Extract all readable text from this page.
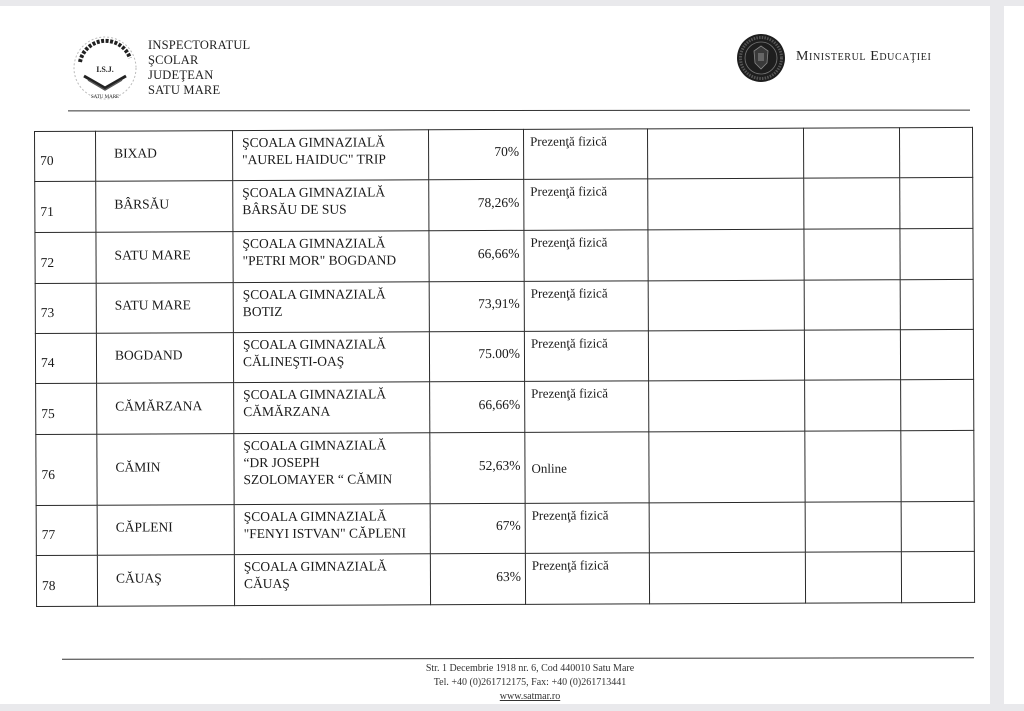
I.S.J.
SATU MARE
INSPECTORATUL
ŞCOLAR
JUDEŢEAN
SATU MARE
Ministerul Educaţiei
70	BIXAD	ŞCOALA GIMNAZIALĂ
"AUREL HAIDUC" TRIP	70%	Prezenţă fizică			

71	BÂRSĂU	ŞCOALA GIMNAZIALĂ
BÂRSĂU DE SUS	78,26%	Prezenţă fizică			

72	SATU MARE	ŞCOALA GIMNAZIALĂ
"PETRI MOR" BOGDAND	66,66%	Prezenţă fizică			

73	SATU MARE	ŞCOALA GIMNAZIALĂ
BOTIZ	73,91%	Prezenţă fizică			

74	BOGDAND	ŞCOALA GIMNAZIALĂ
CĂLINEŞTI-OAŞ	75.00%	Prezenţă fizică			

75	CĂMĂRZANA	ŞCOALA GIMNAZIALĂ
CĂMĂRZANA	66,66%	Prezenţă fizică			

76	CĂMIN	ŞCOALA GIMNAZIALĂ
“DR JOSEPH
SZOLOMAYER “ CĂMIN	52,63%	Online			

77	CĂPLENI	ŞCOALA GIMNAZIALĂ
"FENYI ISTVAN" CĂPLENI	67%	Prezenţă fizică			

78	CĂUAŞ	ŞCOALA GIMNAZIALĂ
CĂUAŞ	63%	Prezenţă fizică			

Str. 1 Decembrie 1918 nr. 6, Cod 440010 Satu Mare
Tel. +40 (0)261712175, Fax: +40 (0)261713441
www.satmar.ro
